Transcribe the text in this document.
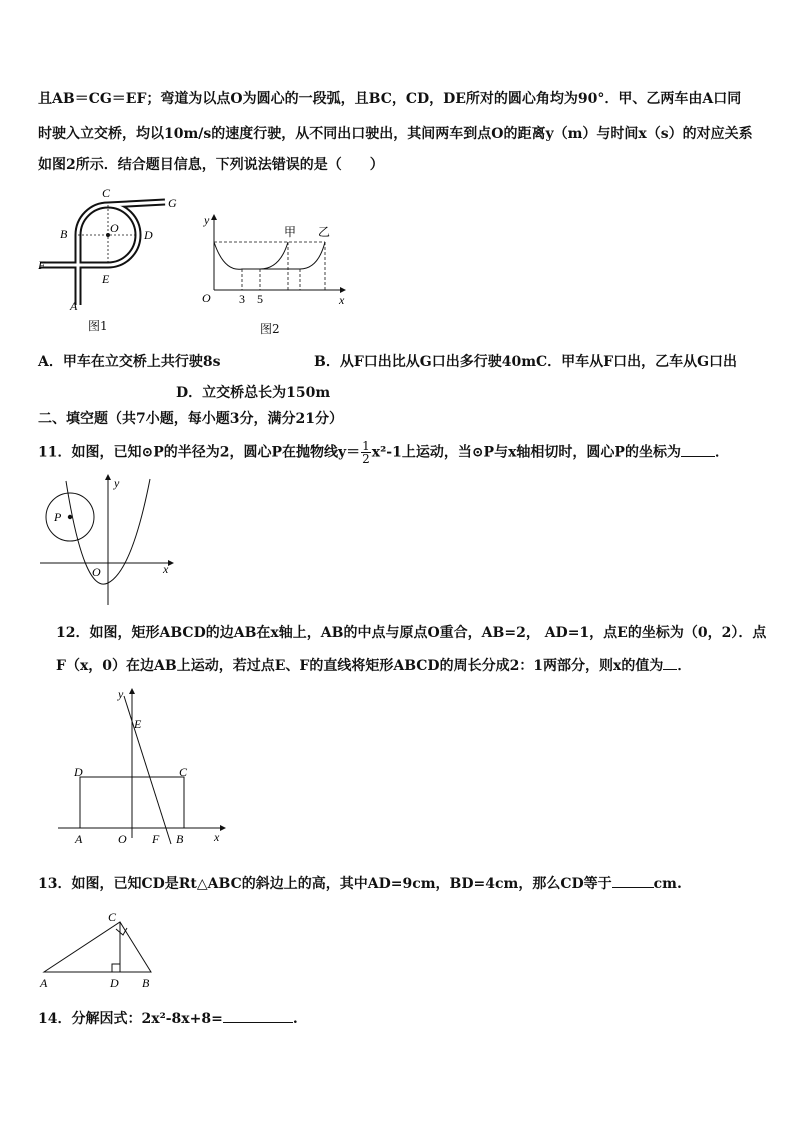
且AB＝CG＝EF；弯道为以点O为圆心的一段弧，且BC，CD，DE所对的圆心角均为90°．甲、乙两车由A口同
时驶入立交桥，均以10m/s的速度行驶，从不同出口驶出，其间两车到点O的距离y（m）与时间x（s）的对应关系
如图2所示．结合题目信息，下列说法错误的是（　　）
C
G
B	O D
F
E
A
图1
y
甲 乙
O 3 5	x
图2
A．甲车在立交桥上共行驶8s	B．从F口出比从G口出多行驶40mC．甲车从F口出，乙车从G口出
D．立交桥总长为150m
二、填空题（共7小题，每小题3分，满分21分）
11．如图，已知⊙P的半径为2，圆心P在抛物线$y= \frac{1}{2} x^2-1$上运动，当⊙P与x轴相切时，圆心P的坐标为 ．
y
P
O	x
12．如图，矩形ABCD的边AB在x轴上，AB的中点与原点O重合，AB=2， AD=1，点E的坐标为（0，2）．点
F（x，0）在边AB上运动，若过点E、F的直线将矩形ABCD的周长分成2：1两部分，则x的值为 ．
y
E
D	C
A	O F B	x
13．如图，已知CD是Rt△ABC的斜边上的高，其中AD=9cm，BD=4cm，那么CD等于	cm.
C
A	D B
14．分解因式：2x²-8x+8=	.
